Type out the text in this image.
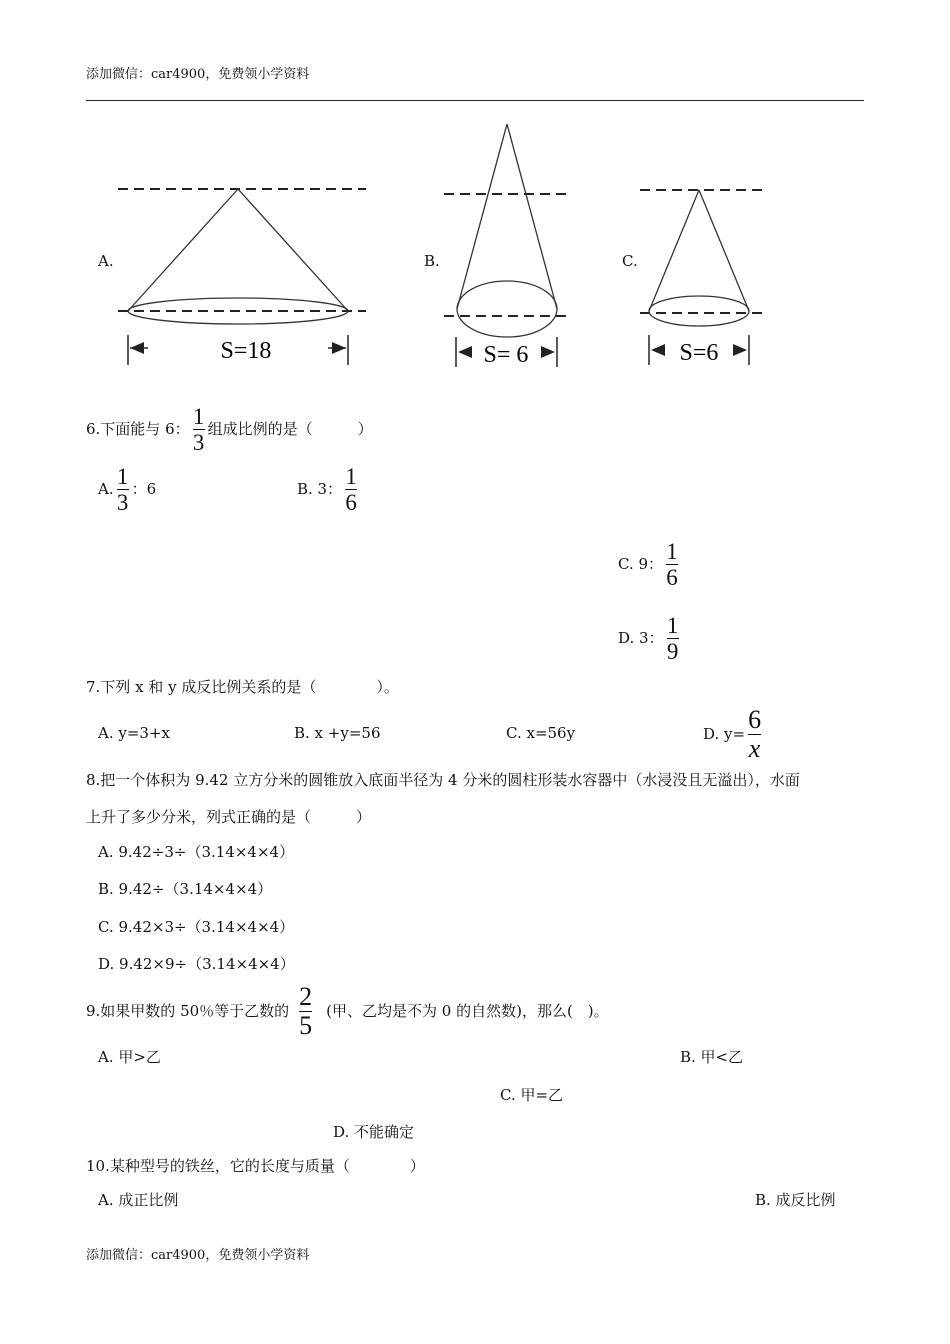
添加微信：car4900，免费领小学资料
A.
S=18
B.
S= 6
C.
S=6
6.下面能与 6： $\frac{1}{3}$ 组成比例的是（　　　）
A. $\frac{1}{3}$ ：6	B. 3： $\frac{1}{6}$
C. 9： $\frac{1}{6}$
D. 3： $\frac{1}{9}$
7.下列 x 和 y 成反比例关系的是（　　　　）。
A. y=3+x	B. x +y=56	C. x=56y	D. $y= \frac{6}{x}$
8.把一个体积为 9.42 立方分米的圆锥放入底面半径为 4 分米的圆柱形装水容器中（水浸没且无溢出），水面
上升了多少分米，列式正确的是（　　　）
A. 9.42÷3÷（3.14×4×4）
B. 9.42÷（3.14×4×4）
C. 9.42×3÷（3.14×4×4）
D. 9.42×9÷（3.14×4×4）
9.如果甲数的 50％等于乙数的 $\frac{2}{5}$ (甲、乙均是不为 0 的自然数)，那么(　)。
A. 甲>乙	B. 甲<乙
C. 甲=乙
D. 不能确定
10.某种型号的铁丝，它的长度与质量（　　　　）
A. 成正比例	B. 成反比例
添加微信：car4900，免费领小学资料
